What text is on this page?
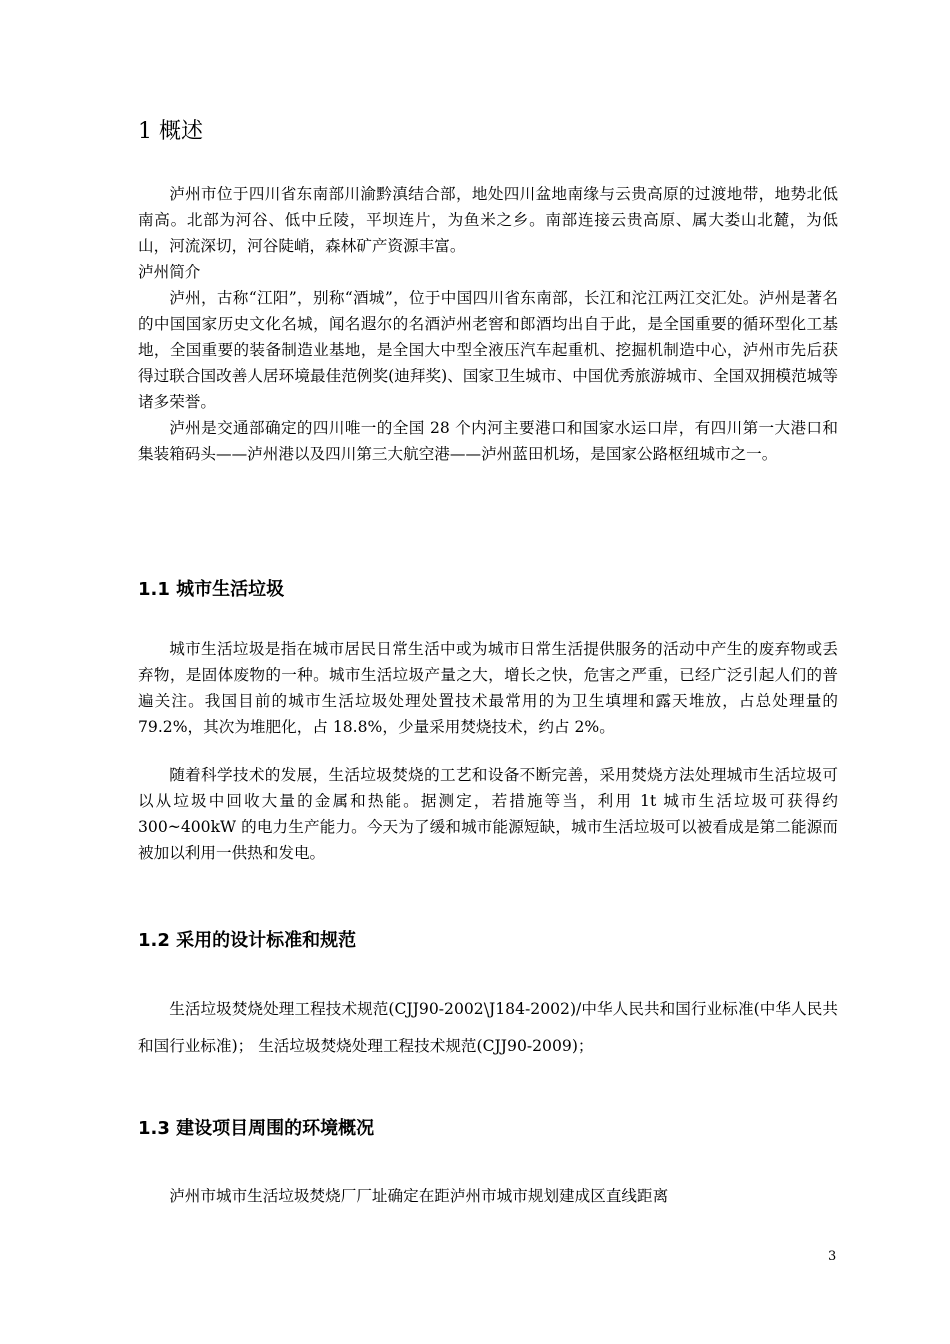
1 概述

泸州市位于四川省东南部川渝黔滇结合部，地处四川盆地南缘与云贵高原的过渡地带，地势北低南高。北部为河谷、低中丘陵，平坝连片，为鱼米之乡。南部连接云贵高原、属大娄山北麓，为低山，河流深切，河谷陡峭，森林矿产资源丰富。

泸州简介

泸州，古称“江阳”，别称“酒城”，位于中国四川省东南部，长江和沱江两江交汇处。泸州是著名的中国国家历史文化名城，闻名遐尔的名酒泸州老窖和郎酒均出自于此，是全国重要的循环型化工基地，全国重要的装备制造业基地，是全国大中型全液压汽车起重机、挖掘机制造中心，泸州市先后获得过联合国改善人居环境最佳范例奖(迪拜奖)、国家卫生城市、中国优秀旅游城市、全国双拥模范城等诸多荣誉。

泸州是交通部确定的四川唯一的全国 28 个内河主要港口和国家水运口岸，有四川第一大港口和集装箱码头——泸州港以及四川第三大航空港——泸州蓝田机场，是国家公路枢纽城市之一。

1.1 城市生活垃圾

城市生活垃圾是指在城市居民日常生活中或为城市日常生活提供服务的活动中产生的废弃物或丢弃物，是固体废物的一种。城市生活垃圾产量之大，增长之快，危害之严重，已经广泛引起人们的普遍关注。我国目前的城市生活垃圾处理处置技术最常用的为卫生填埋和露天堆放，占总处理量的 79.2%，其次为堆肥化，占 18.8%，少量采用焚烧技术，约占 2%。

随着科学技术的发展，生活垃圾焚烧的工艺和设备不断完善，采用焚烧方法处理城市生活垃圾可以从垃圾中回收大量的金属和热能。据测定，若措施等当，利用 1t 城市生活垃圾可获得约 300~400kW 的电力生产能力。今天为了缓和城市能源短缺，城市生活垃圾可以被看成是第二能源而被加以利用一供热和发电。

1.2 采用的设计标准和规范

生活垃圾焚烧处理工程技术规范(CJJ90-2002\J184-2002)/中华人民共和国行业标准(中华人民共和国行业标准)； 生活垃圾焚烧处理工程技术规范(CJJ90-2009)；

1.3 建设项目周围的环境概况

泸州市城市生活垃圾焚烧厂厂址确定在距泸州市城市规划建成区直线距离

3
